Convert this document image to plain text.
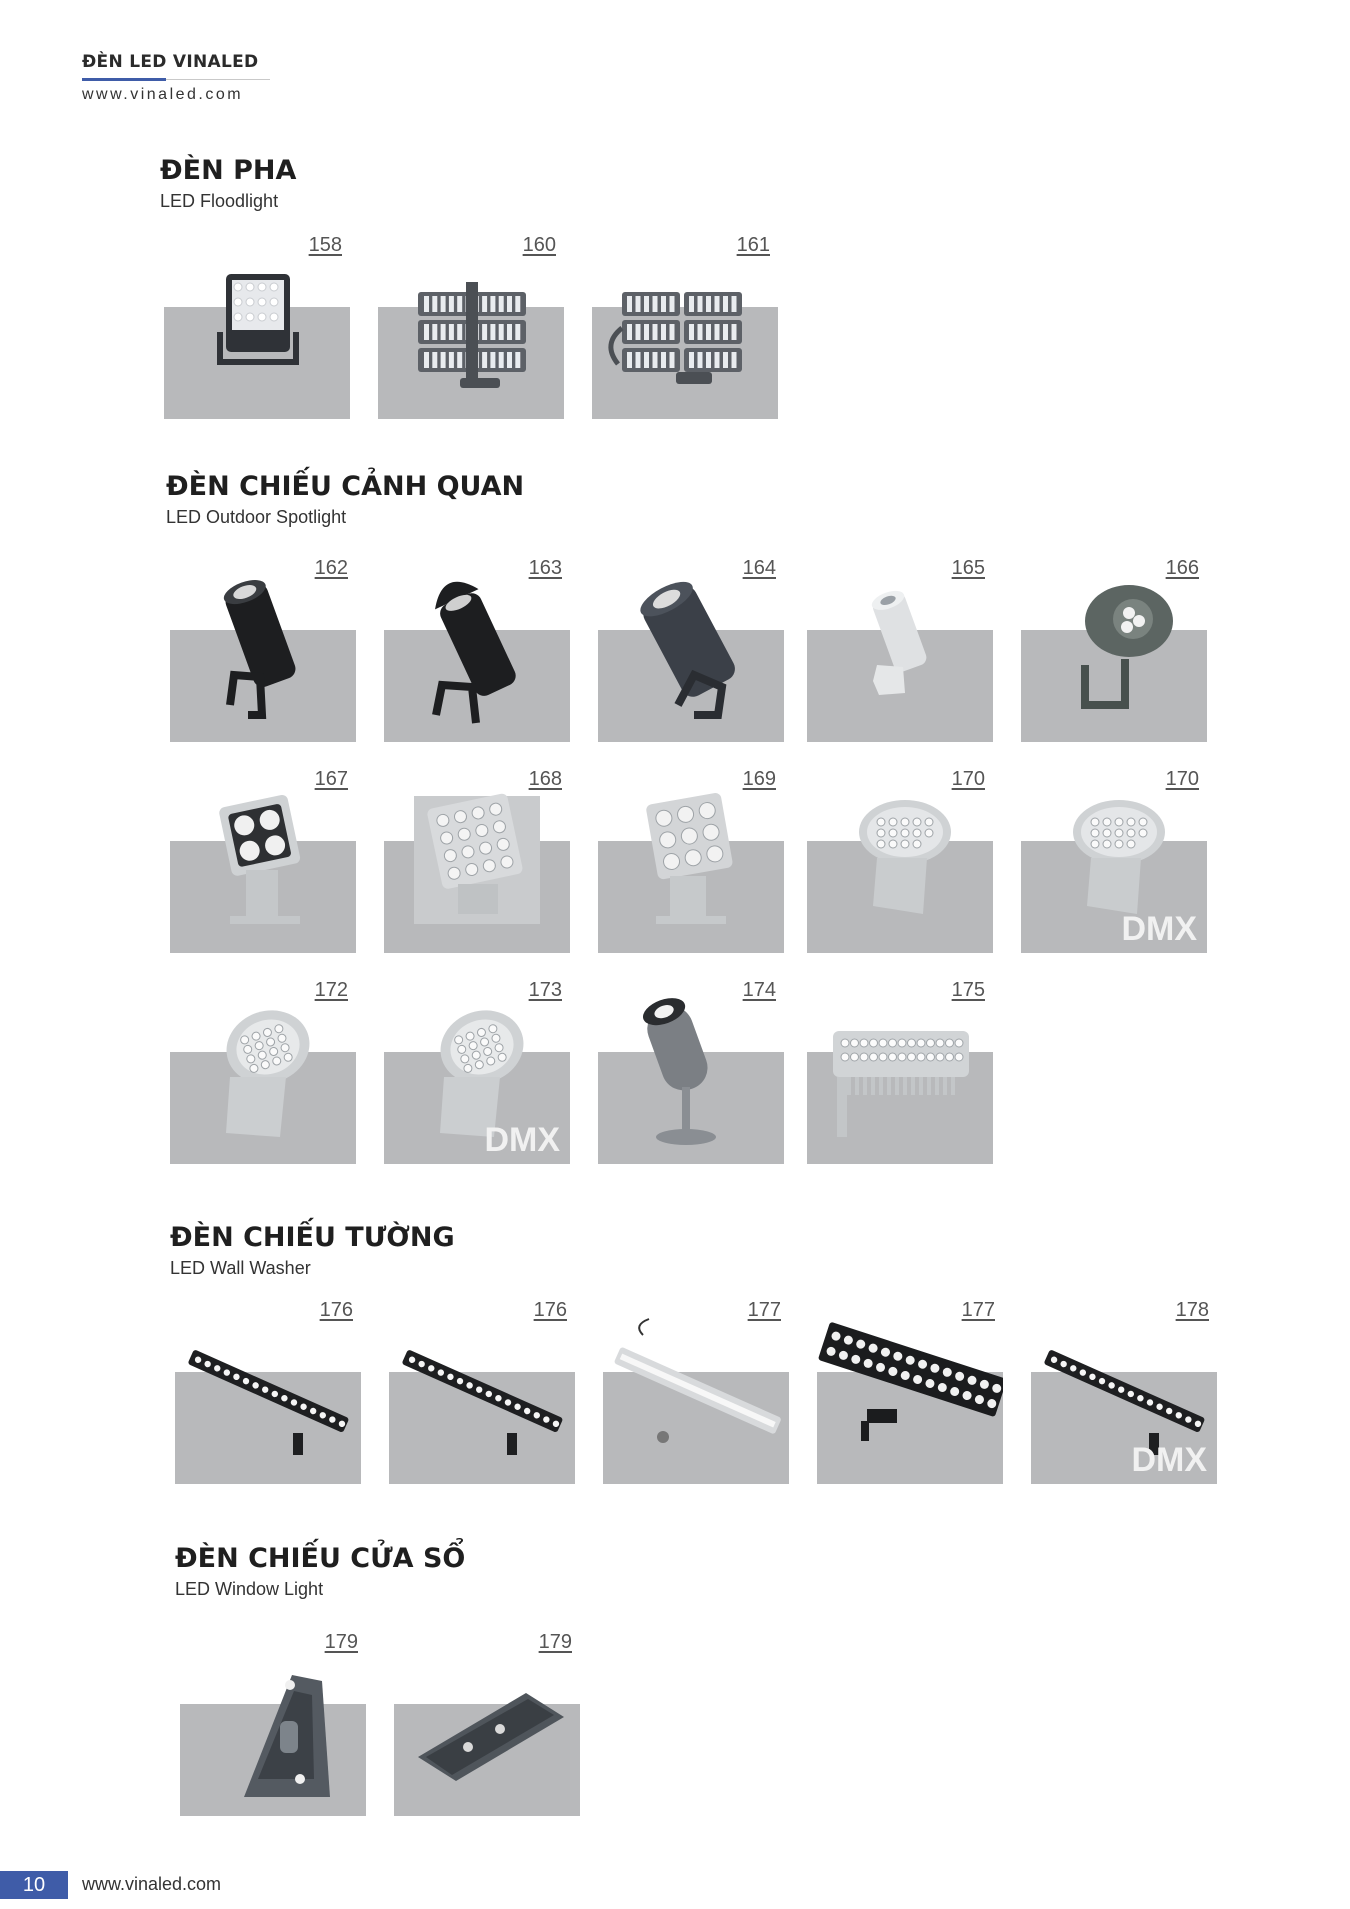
ĐÈN LED VINALED
www.vinaled.com
ĐÈN PHA
LED Floodlight
158	160	161
ĐÈN CHIẾU CẢNH QUAN
LED Outdoor Spotlight
162	163	164	165	166
167	168	169	170	170
DMX
172	173
DMX
174	175
ĐÈN CHIẾU TƯỜNG
LED Wall Washer
176	176	177	177	178
DMX
ĐÈN CHIẾU CỬA SỔ
LED Window Light
179	179
10	www.vinaled.com
